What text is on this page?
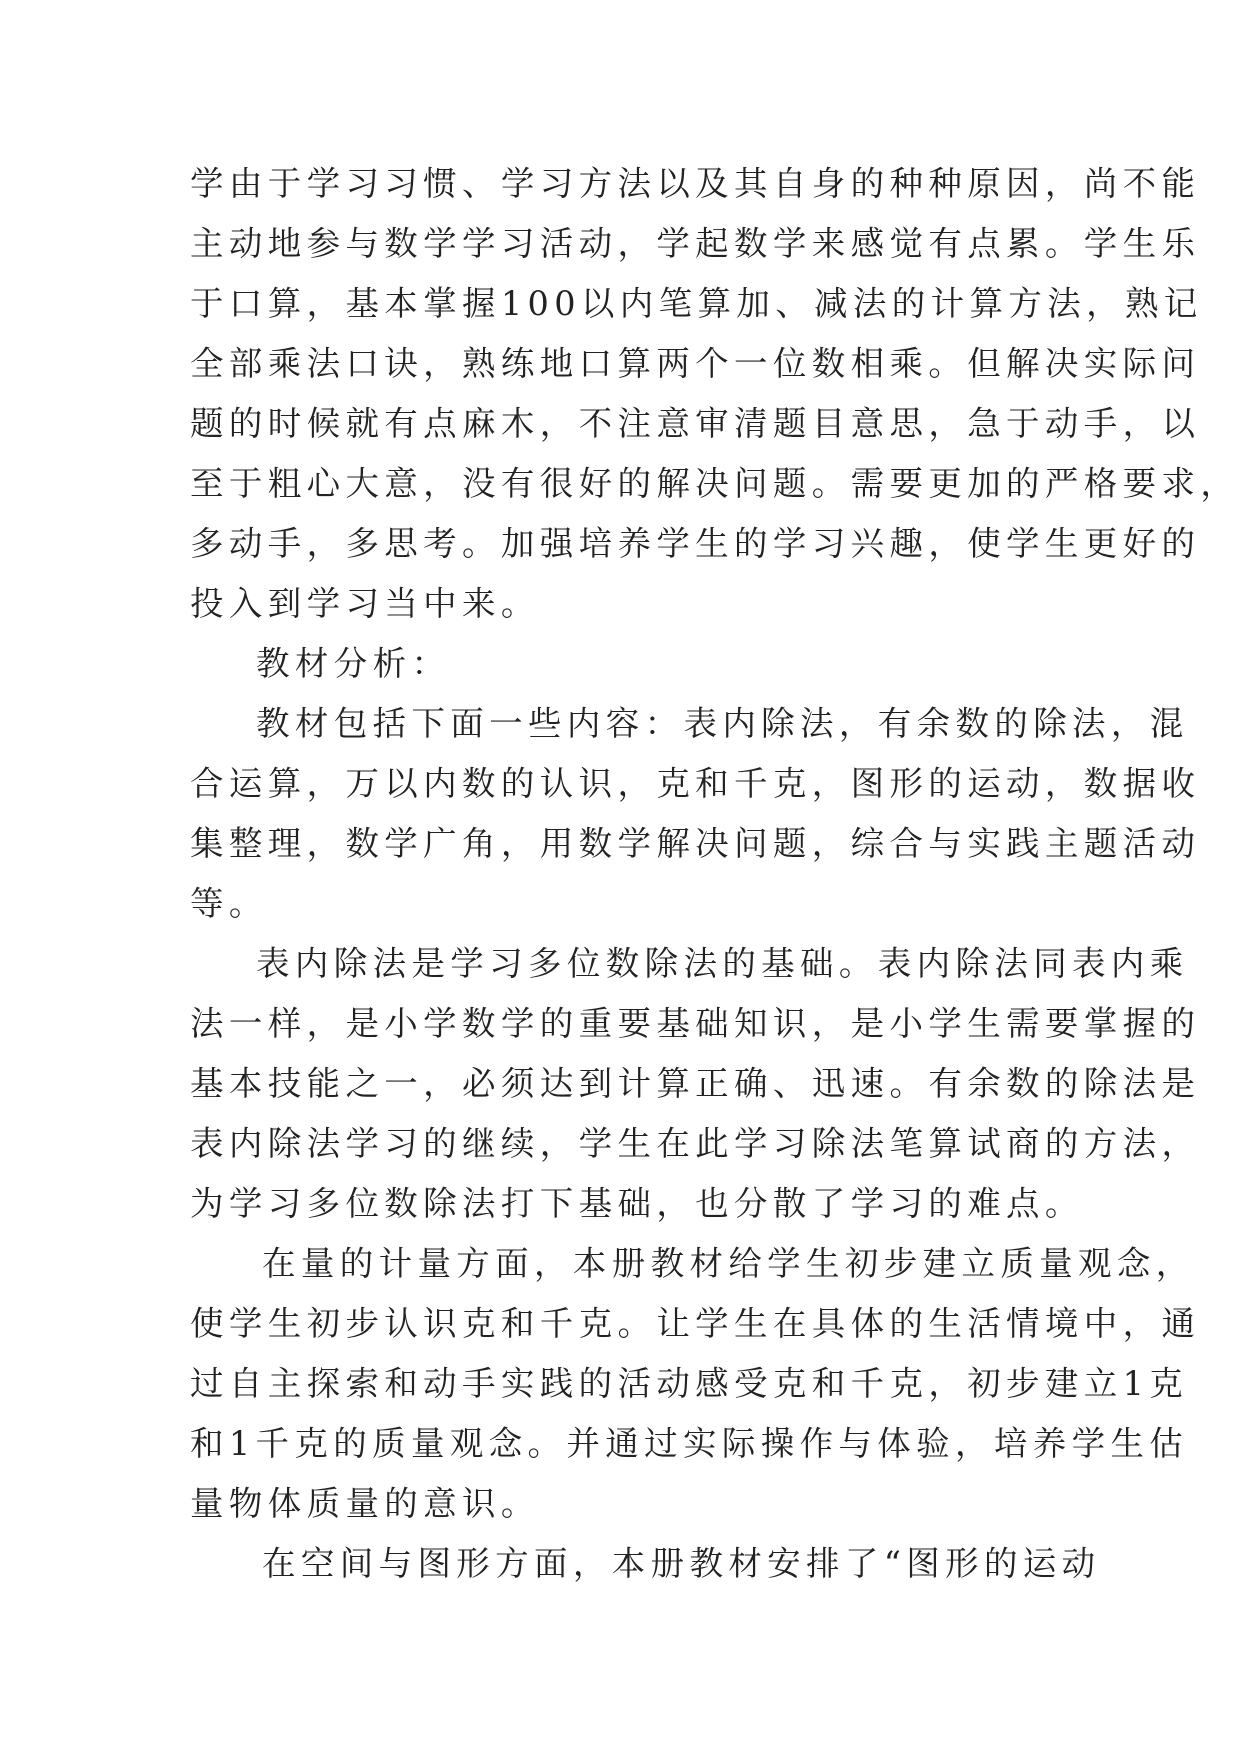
学由于学习习惯、学习方法以及其自身的种种原因，尚不能
主动地参与数学学习活动，学起数学来感觉有点累。学生乐
于口算，基本掌握100以内笔算加、减法的计算方法，熟记
全部乘法口诀，熟练地口算两个一位数相乘。但解决实际问
题的时候就有点麻木，不注意审清题目意思，急于动手，以
至于粗心大意，没有很好的解决问题。需要更加的严格要求，
多动手，多思考。加强培养学生的学习兴趣，使学生更好的
投入到学习当中来。
教材分析：
教材包括下面一些内容：表内除法，有余数的除法，混
合运算，万以内数的认识，克和千克，图形的运动，数据收
集整理，数学广角，用数学解决问题，综合与实践主题活动
等。
表内除法是学习多位数除法的基础。表内除法同表内乘
法一样，是小学数学的重要基础知识，是小学生需要掌握的
基本技能之一，必须达到计算正确、迅速。有余数的除法是
表内除法学习的继续，学生在此学习除法笔算试商的方法，
为学习多位数除法打下基础，也分散了学习的难点。
在量的计量方面，本册教材给学生初步建立质量观念，
使学生初步认识克和千克。让学生在具体的生活情境中，通
过自主探索和动手实践的活动感受克和千克，初步建立1克
和1千克的质量观念。并通过实际操作与体验，培养学生估
量物体质量的意识。
在空间与图形方面，本册教材安排了“图形的运动
